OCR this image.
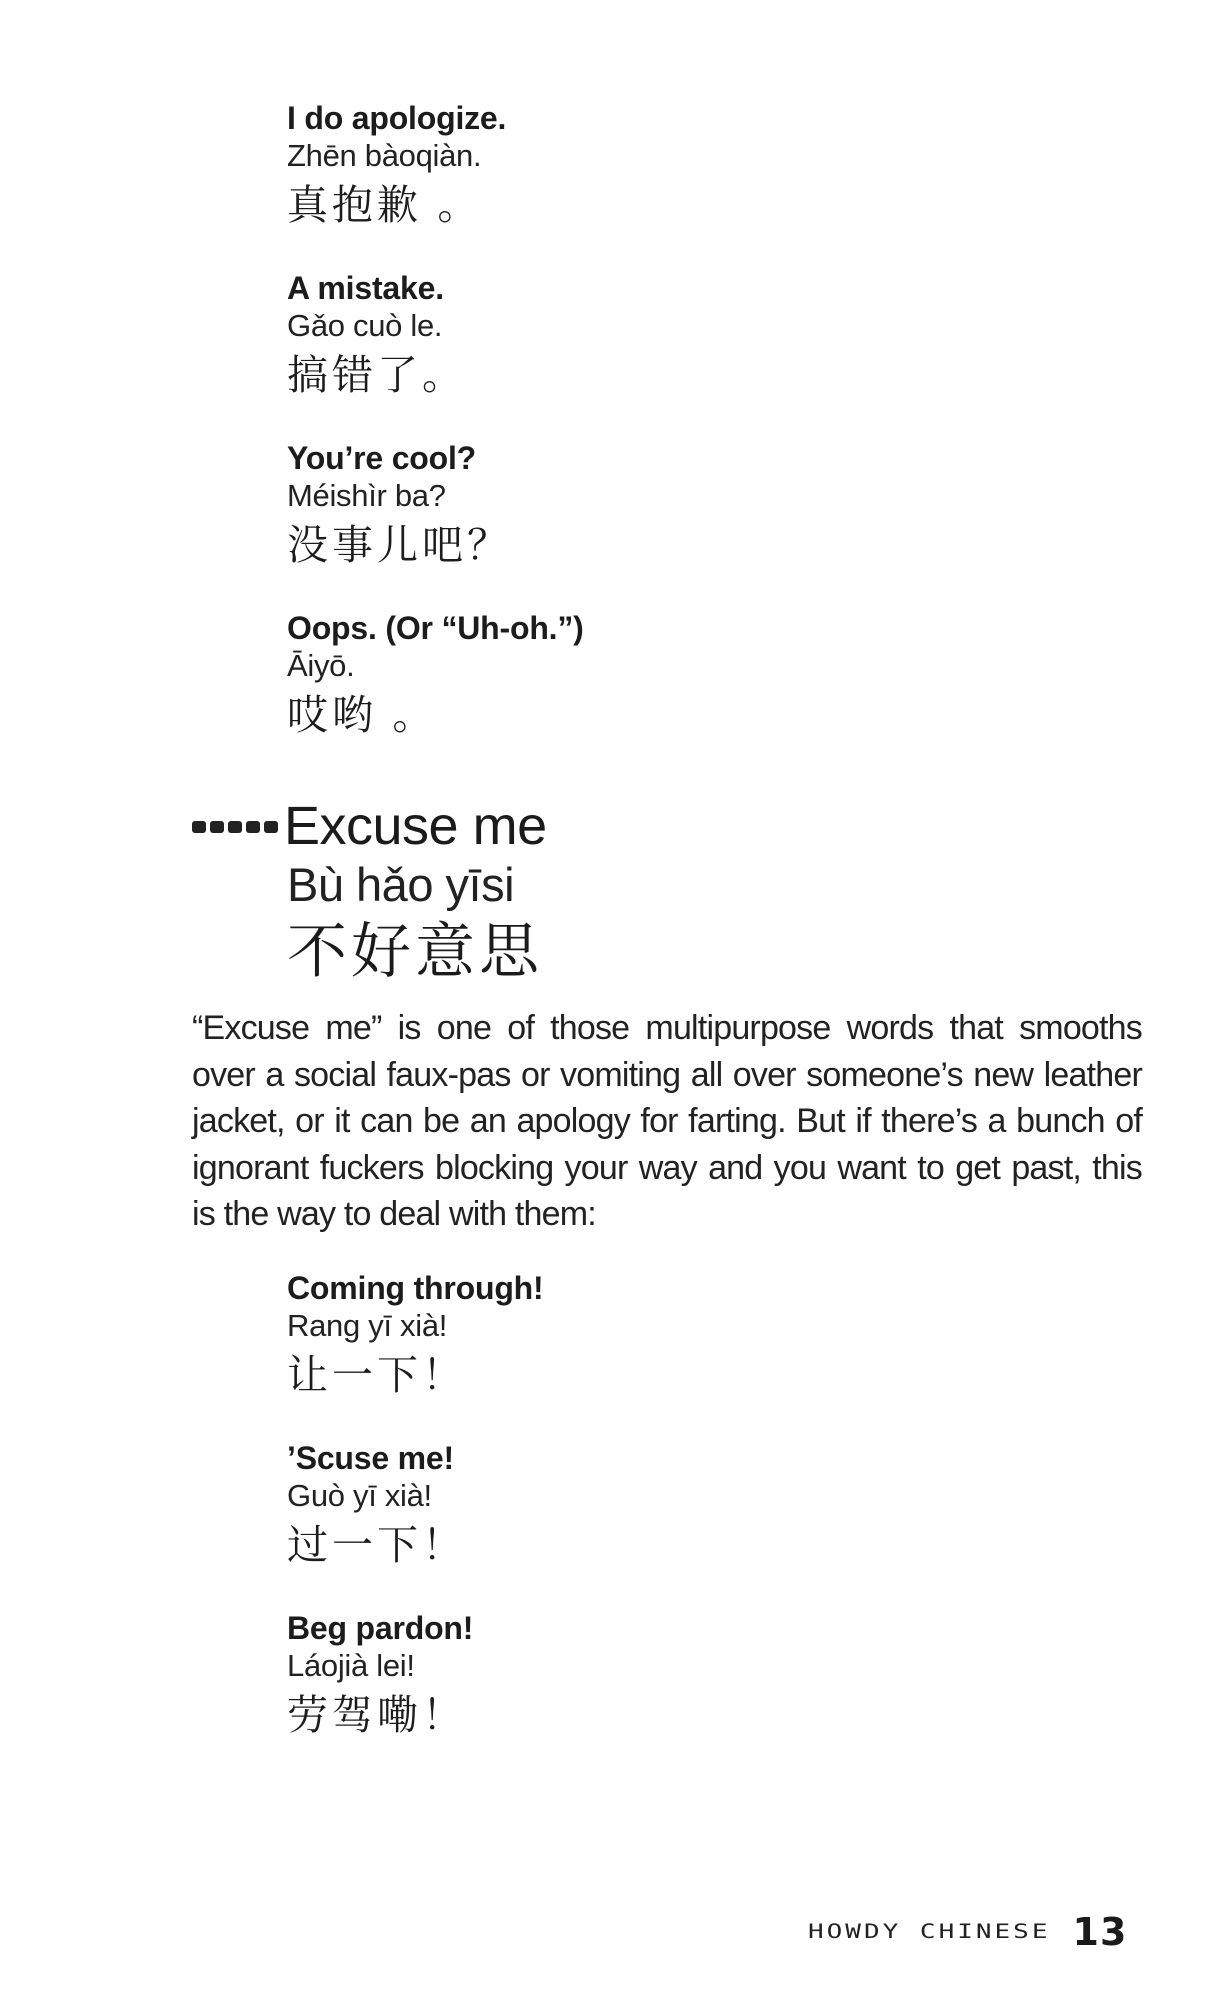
I do apologize.
Zhēn bàoqiàn.
真抱歉 。
A mistake.
Gǎo cuò le.
搞错了。
You’re cool?
Méishìr ba?
没事儿吧？
Oops. (Or “Uh-oh.”)
Āiyō.
哎哟 。
Excuse me
Bù hǎo yīsi
不好意思

“Excuse me” is one of those multipurpose words that smooths over a social faux-pas or vomiting all over someone’s new leather jacket, or it can be an apology for farting. But if there’s a bunch of ignorant fuckers blocking your way and you want to get past, this is the way to deal with them:

Coming through!
Rang yī xià!
让一下！
’Scuse me!
Guò yī xià!
过一下！
Beg pardon!
Láojià lei!
劳驾嘞！
HOWDY CHINESE 13
